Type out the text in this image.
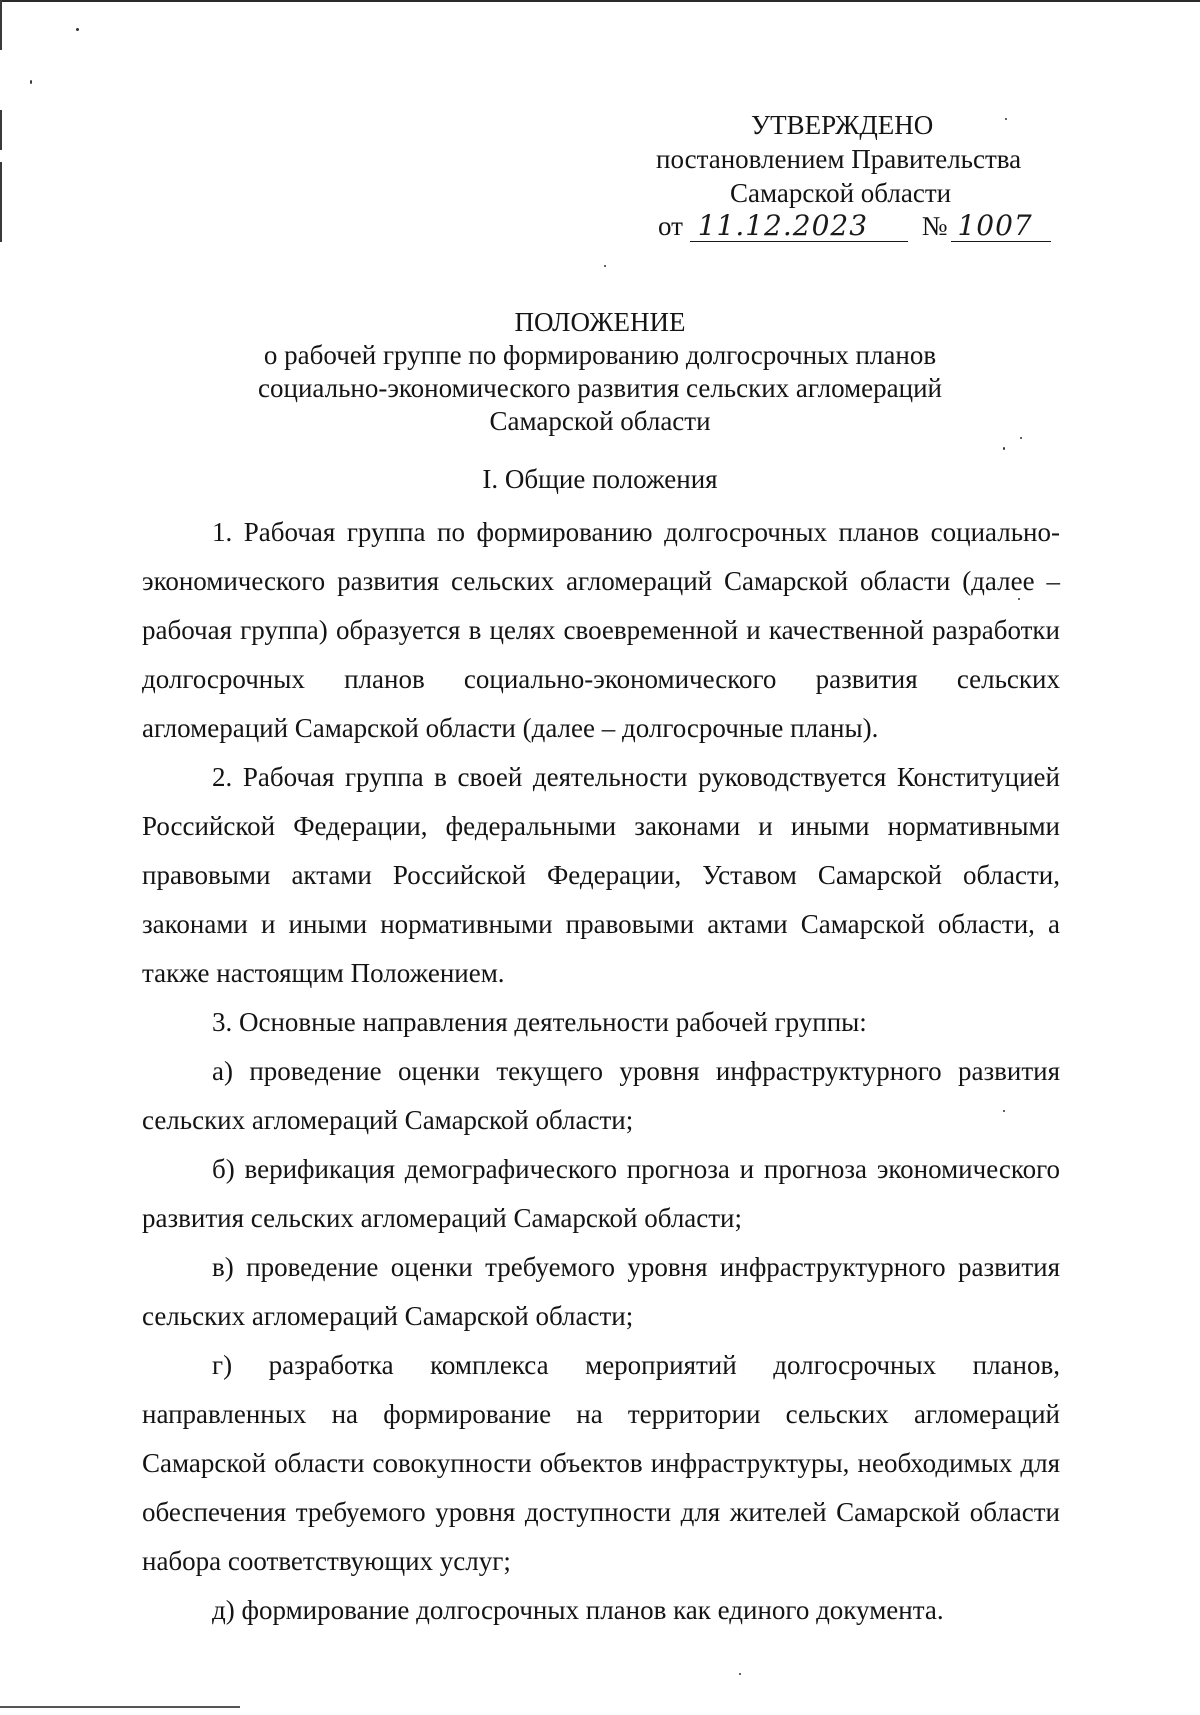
УТВЕРЖДЕНО
постановлением Правительства
Самарской области
от 11.12.2023 № 1007
ПОЛОЖЕНИЕ
о рабочей группе по формированию долгосрочных планов
социально-экономического развития сельских агломераций
Самарской области
I. Общие положения

1. Рабочая группа по формированию долгосрочных планов социально-экономического развития сельских агломераций Самарской области (далее – рабочая группа) образуется в целях своевременной и качественной разработки долгосрочных планов социально-экономического развития сельских агломераций Самарской области (далее – долгосрочные планы).

2. Рабочая группа в своей деятельности руководствуется Конституцией Российской Федерации, федеральными законами и иными нормативными правовыми актами Российской Федерации, Уставом Самарской области, законами и иными нормативными правовыми актами Самарской области, а также настоящим Положением.

3. Основные направления деятельности рабочей группы:

а) проведение оценки текущего уровня инфраструктурного развития сельских агломераций Самарской области;

б) верификация демографического прогноза и прогноза экономического развития сельских агломераций Самарской области;

в) проведение оценки требуемого уровня инфраструктурного развития сельских агломераций Самарской области;

г) разработка комплекса мероприятий долгосрочных планов, направленных на формирование на территории сельских агломераций Самарской области совокупности объектов инфраструктуры, необходимых для обеспечения требуемого уровня доступности для жителей Самарской области набора соответствующих услуг;

д) формирование долгосрочных планов как единого документа.
